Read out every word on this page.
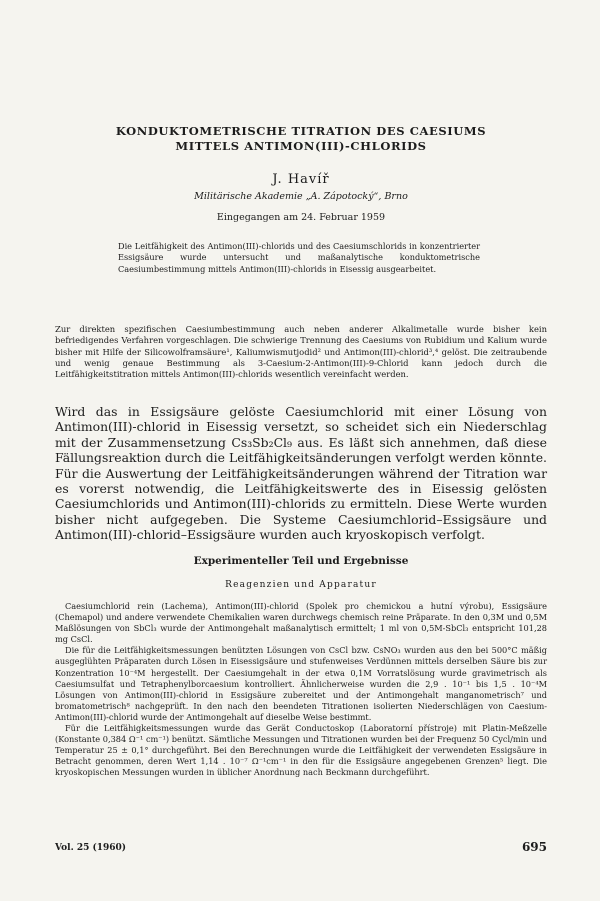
KONDUKTOMETRISCHE TITRATION DES CAESIUMS
MITTELS ANTIMON(III)-CHLORIDS
J. Havíř
Militärische Akademie „A. Zápotocký“, Brno
Eingegangen am 24. Februar 1959
Die Leitfähigkeit des Antimon(III)-chlorids und des Caesiumschlorids in konzentrierter Essigsäure wurde untersucht und maßanalytische konduktometrische Caesiumbestimmung mittels Antimon(III)-chlorids in Eisessig ausgearbeitet.

Zur direkten spezifischen Caesiumbestimmung auch neben anderer Alkalimetalle wurde bisher kein befriedigendes Verfahren vorgeschlagen. Die schwierige Trennung des Caesiums von Rubidium und Kalium wurde bisher mit Hilfe der Silicowolframsäure¹, Kaliumwismutjodid² und Antimon(III)-chlorid³,⁴ gelöst. Die zeitraubende und wenig genaue Bestimmung als 3-Caesium-2-Antimon(III)-9-Chlorid kann jedoch durch die Leitfähigkeitstitration mittels Antimon(III)-chlorids wesentlich vereinfacht werden.

Wird das in Essigsäure gelöste Caesiumchlorid mit einer Lösung von Antimon(III)-chlorid in Eisessig versetzt, so scheidet sich ein Niederschlag mit der Zusammensetzung Cs₃Sb₂Cl₉ aus. Es läßt sich annehmen, daß diese Fällungsreaktion durch die Leitfähigkeitsänderungen verfolgt werden könnte. Für die Auswertung der Leitfähigkeitsänderungen während der Titration war es vorerst notwendig, die Leitfähigkeitswerte des in Eisessig gelösten Caesiumchlorids und Antimon(III)-chlorids zu ermitteln. Diese Werte wurden bisher nicht aufgegeben. Die Systeme Caesiumchlorid–Essigsäure und Antimon(III)-chlorid–Essigsäure wurden auch kryoskopisch verfolgt.
Experimenteller Teil und Ergebnisse
Reagenzien und Apparatur

Caesiumchlorid rein (Lachema), Antimon(III)-chlorid (Spolek pro chemickou a hutní výrobu), Essigsäure (Chemapol) und andere verwendete Chemikalien waren durchwegs chemisch reine Präparate. In den 0,3M und 0,5M Maßlösungen von SbCl₃ wurde der Antimongehalt maßanalytisch ermittelt; 1 ml von 0,5M-SbCl₃ entspricht 101,28 mg CsCl.

Die für die Leitfähigkeitsmessungen benützten Lösungen von CsCl bzw. CsNO₃ wurden aus den bei 500°C mäßig ausgeglühten Präparaten durch Lösen in Eisessigsäure und stufenweises Verdünnen mittels derselben Säure bis zur Konzentration 10⁻⁴M hergestellt. Der Caesiumgehalt in der etwa 0,1M Vorratslösung wurde gravimetrisch als Caesiumsulfat und Tetraphenylborcaesium kontrolliert. Ähnlicherweise wurden die 2,9 . 10⁻¹ bis 1,5 . 10⁻⁴M Lösungen von Antimon(III)-chlorid in Essigsäure zubereitet und der Antimongehalt manganometrisch⁷ und bromatometrisch⁸ nachgeprüft. In den nach den beendeten Titrationen isolierten Niederschlägen von Caesium-Antimon(III)-chlorid wurde der Antimongehalt auf dieselbe Weise bestimmt.

Für die Leitfähigkeitsmessungen wurde das Gerät Conductoskop (Laboratorní přístroje) mit Platin-Meßzelle (Konstante 0,384 Ω⁻¹ cm⁻¹) benützt. Sämtliche Messungen und Titrationen wurden bei der Frequenz 50 Cycl/min und Temperatur 25 ± 0,1° durchgeführt. Bei den Berechnungen wurde die Leitfähigkeit der verwendeten Essigsäure in Betracht genommen, deren Wert 1,14 . 10⁻⁷ Ω⁻¹cm⁻¹ in den für die Essigsäure angegebenen Grenzen⁵ liegt. Die kryoskopischen Messungen wurden in üblicher Anordnung nach Beckmann durchgeführt.

Vol. 25 (1960)	695
